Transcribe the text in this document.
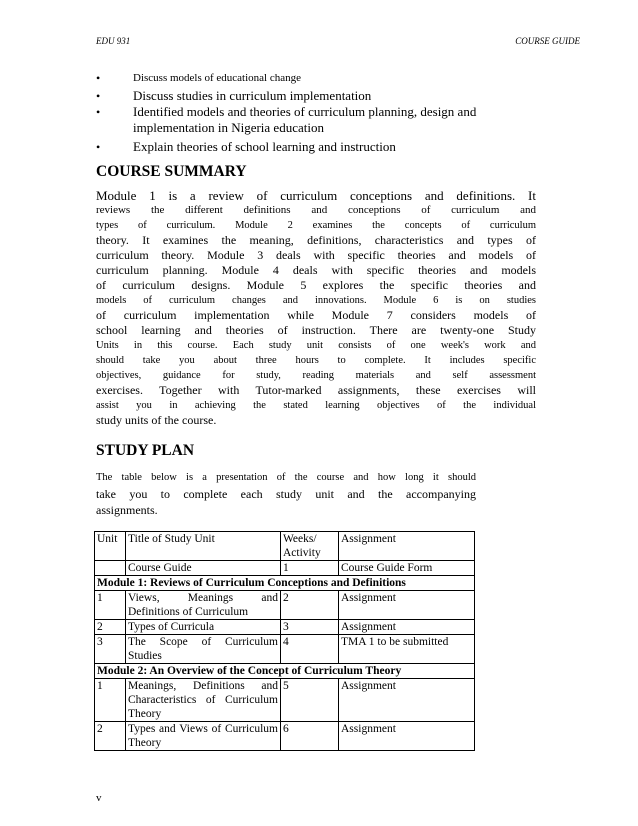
EDU 931	COURSE GUIDE
• Discuss models of educational change
• Discuss studies in curriculum implementation
• Identified models and theories of curriculum planning, design and implementation in Nigeria education
• Explain theories of school learning and instruction
COURSE SUMMARY
Module 1 is a review of curriculum conceptions and definitions. It
reviews the different definitions and conceptions of curriculum and
types of curriculum. Module 2 examines the concepts of curriculum
theory. It examines the meaning, definitions, characteristics and types of
curriculum theory. Module 3 deals with specific theories and models of
curriculum planning. Module 4 deals with specific theories and models
of curriculum designs. Module 5 explores the specific theories and
models of curriculum changes and innovations. Module 6 is on studies
of curriculum implementation while Module 7 considers models of
school learning and theories of instruction. There are twenty-one Study
Units in this course. Each study unit consists of one week's work and
should take you about three hours to complete. It includes specific
objectives, guidance for study, reading materials and self assessment
exercises. Together with Tutor-marked assignments, these exercises will
assist you in achieving the stated learning objectives of the individual
study units of the course.
STUDY PLAN
The table below is a presentation of the course and how long it should
take you to complete each study unit and the accompanying
assignments.
Unit	Title of Study Unit	Weeks/ Activity	Assignment
	Course Guide	1	Course Guide Form
Module 1: Reviews of Curriculum Conceptions and Definitions			
1	Views, Meanings and Definitions of Curriculum	2	Assignment
2	Types of Curricula	3	Assignment
3	The Scope of Curriculum Studies	4	TMA 1 to be submitted
Module 2: An Overview of the Concept of Curriculum Theory			
1	Meanings, Definitions and Characteristics of Curriculum Theory	5	Assignment
2	Types and Views of Curriculum Theory	6	Assignment
v
